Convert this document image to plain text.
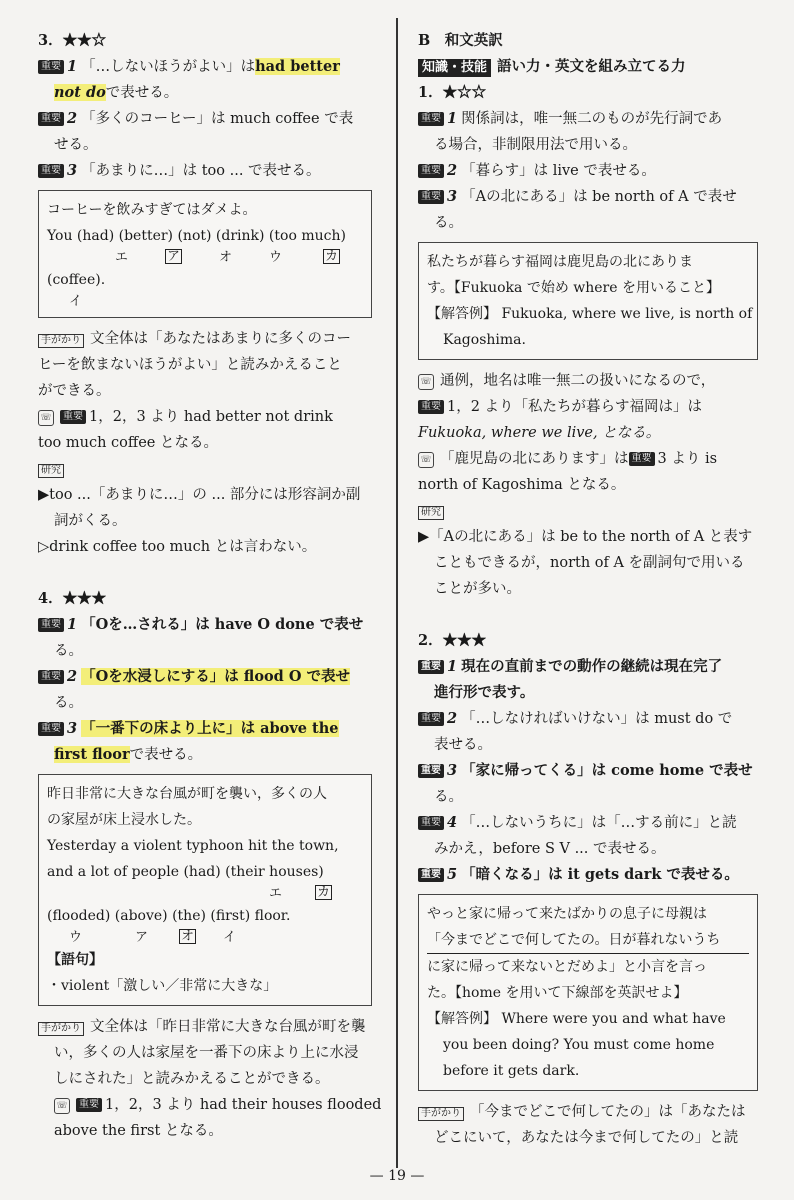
3．★★☆
重要 1 「…しないほうがよい」はhad better
not doで表せる。
重要 2 「多くのコーヒー」は much coffee で表
せる。
重要 3 「あまりに…」は too ... で表せる。
コーヒーを飲みすぎてはダメよ。
You (had) (better) (not) (drink) (too much)
エ	ア	オ	ウ	カ
(coffee).
イ
手がかり 文全体は「あなたはあまりに多くのコー
ヒーを飲まないほうがよい」と読みかえること
ができる。
☏ 重要 1，2，3 より had better not drink
too much coffee となる。
研究
▶too ...「あまりに…」の ... 部分には形容詞か副
詞がくる。
▷drink coffee too much とは言わない。
4．★★★
重要 1 「Oを…される」は have O done で表せ
る。
重要 2 「Oを水浸しにする」は flood O で表せ
る。
重要 3 「一番下の床より上に」は above the
first floorで表せる。
昨日非常に大きな台風が町を襲い，多くの人
の家屋が床上浸水した。
Yesterday a violent typhoon hit the town,
and a lot of people (had) (their houses)
エ	カ
(flooded) (above) (the) (first) floor.
ウ	ア	オ イ
【語句】
・violent「激しい／非常に大きな」
手がかり 文全体は「昨日非常に大きな台風が町を襲
い，多くの人は家屋を一番下の床より上に水浸
しにされた」と読みかえることができる。
☏ 重要 1，2，3 より had their houses flooded
above the first となる。
B　和文英訳
知識・技能 語い力・英文を組み立てる力
1．★☆☆
重要 1 関係詞は，唯一無二のものが先行詞であ
る場合，非制限用法で用いる。
重要 2 「暮らす」は live で表せる。
重要 3 「Aの北にある」は be north of A で表せ
る。
私たちが暮らす福岡は鹿児島の北にありま
す。【Fukuoka で始め where を用いること】
【解答例】 Fukuoka, where we live, is north of
Kagoshima.
☏ 通例，地名は唯一無二の扱いになるので，
重要 1，2 より「私たちが暮らす福岡は」は
Fukuoka, where we live, となる。
☏ 「鹿児島の北にあります」は 重要 3 より is
north of Kagoshima となる。
研究
▶「Aの北にある」は be to the north of A と表す
こともできるが，north of A を副詞句で用いる
ことが多い。
2．★★★
重要 1 現在の直前までの動作の継続は現在完了
進行形で表す。
重要 2 「…しなければいけない」は must do で
表せる。
重要 3 「家に帰ってくる」は come home で表せ
る。
重要 4 「…しないうちに」は「…する前に」と読
みかえ，before S V ... で表せる。
重要 5 「暗くなる」は it gets dark で表せる。
やっと家に帰って来たばかりの息子に母親は
「今までどこで何してたの。日が暮れないうち
に家に帰って来ないとだめよ」と小言を言っ
た。【home を用いて下線部を英訳せよ】
【解答例】 Where were you and what have
you been doing? You must come home
before it gets dark.
手がかり 「今までどこで何してたの」は「あなたは
どこにいて，あなたは今まで何してたの」と読
— 19 —
